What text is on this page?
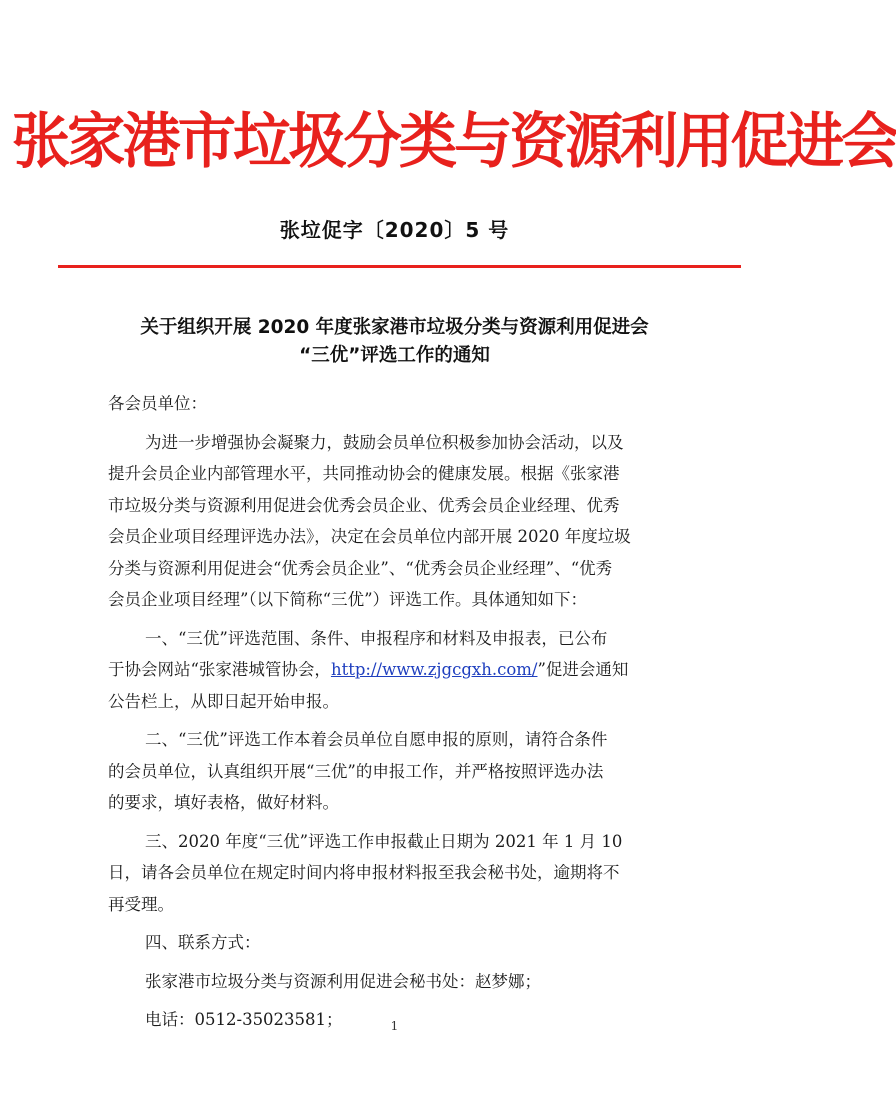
张家港市垃圾分类与资源利用促进会
张垃促字〔2020〕5 号
关于组织开展 2020 年度张家港市垃圾分类与资源利用促进会
“三优”评选工作的通知
各会员单位：
为进一步增强协会凝聚力，鼓励会员单位积极参加协会活动，以及
提升会员企业内部管理水平，共同推动协会的健康发展。根据《张家港
市垃圾分类与资源利用促进会优秀会员企业、优秀会员企业经理、优秀
会员企业项目经理评选办法》，决定在会员单位内部开展 2020 年度垃圾
分类与资源利用促进会“优秀会员企业”、“优秀会员企业经理”、“优秀
会员企业项目经理”（以下简称“三优”）评选工作。具体通知如下：
一、“三优”评选范围、条件、申报程序和材料及申报表，已公布
于协会网站“张家港城管协会，http://www.zjgcgxh.com/”促进会通知
公告栏上，从即日起开始申报。
二、“三优”评选工作本着会员单位自愿申报的原则，请符合条件
的会员单位，认真组织开展“三优”的申报工作，并严格按照评选办法
的要求，填好表格，做好材料。
三、2020 年度“三优”评选工作申报截止日期为 2021 年 1 月 10
日，请各会员单位在规定时间内将申报材料报至我会秘书处，逾期将不
再受理。
四、联系方式：
张家港市垃圾分类与资源利用促进会秘书处：赵梦娜；
电话：0512-35023581；	1
